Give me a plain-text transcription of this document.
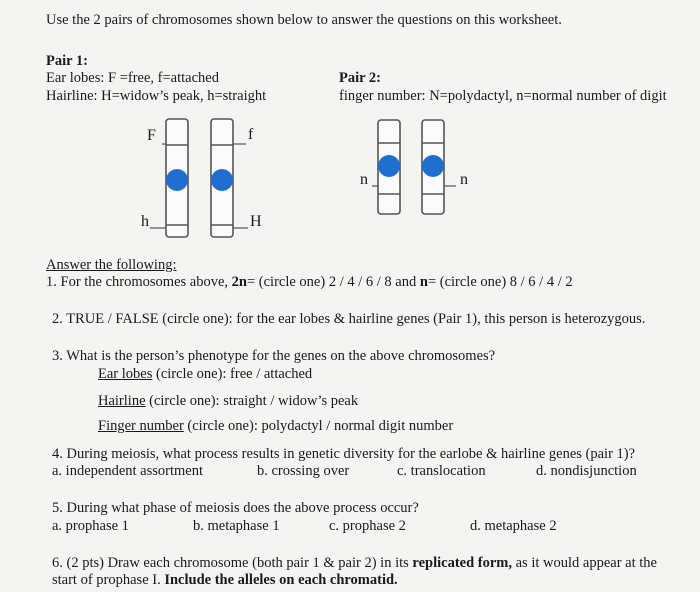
Use the 2 pairs of chromosomes shown below to answer the questions on this worksheet.
Pair 1:
Ear lobes: F =free, f=attached
Hairline: H=widow’s peak, h=straight
Pair 2:
finger number: N=polydactyl, n=normal number of digit
F	f
h	H
n	n
Answer the following:
1. For the chromosomes above, 2n= (circle one) 2 / 4 / 6 / 8 and n= (circle one) 8 / 6 / 4 / 2
2. TRUE / FALSE (circle one): for the ear lobes & hairline genes (Pair 1), this person is heterozygous.
3. What is the person’s phenotype for the genes on the above chromosomes?
Ear lobes (circle one): free / attached
Hairline (circle one): straight / widow’s peak
Finger number (circle one): polydactyl / normal digit number
4. During meiosis, what process results in genetic diversity for the earlobe & hairline genes (pair 1)?
a. independent assortment	b. crossing over	c. translocation	d. nondisjunction
5. During what phase of meiosis does the above process occur?
a. prophase 1	b. metaphase 1	c. prophase 2	d. metaphase 2
6. (2 pts) Draw each chromosome (both pair 1 & pair 2) in its replicated form, as it would appear at the
start of prophase I. Include the alleles on each chromatid.
